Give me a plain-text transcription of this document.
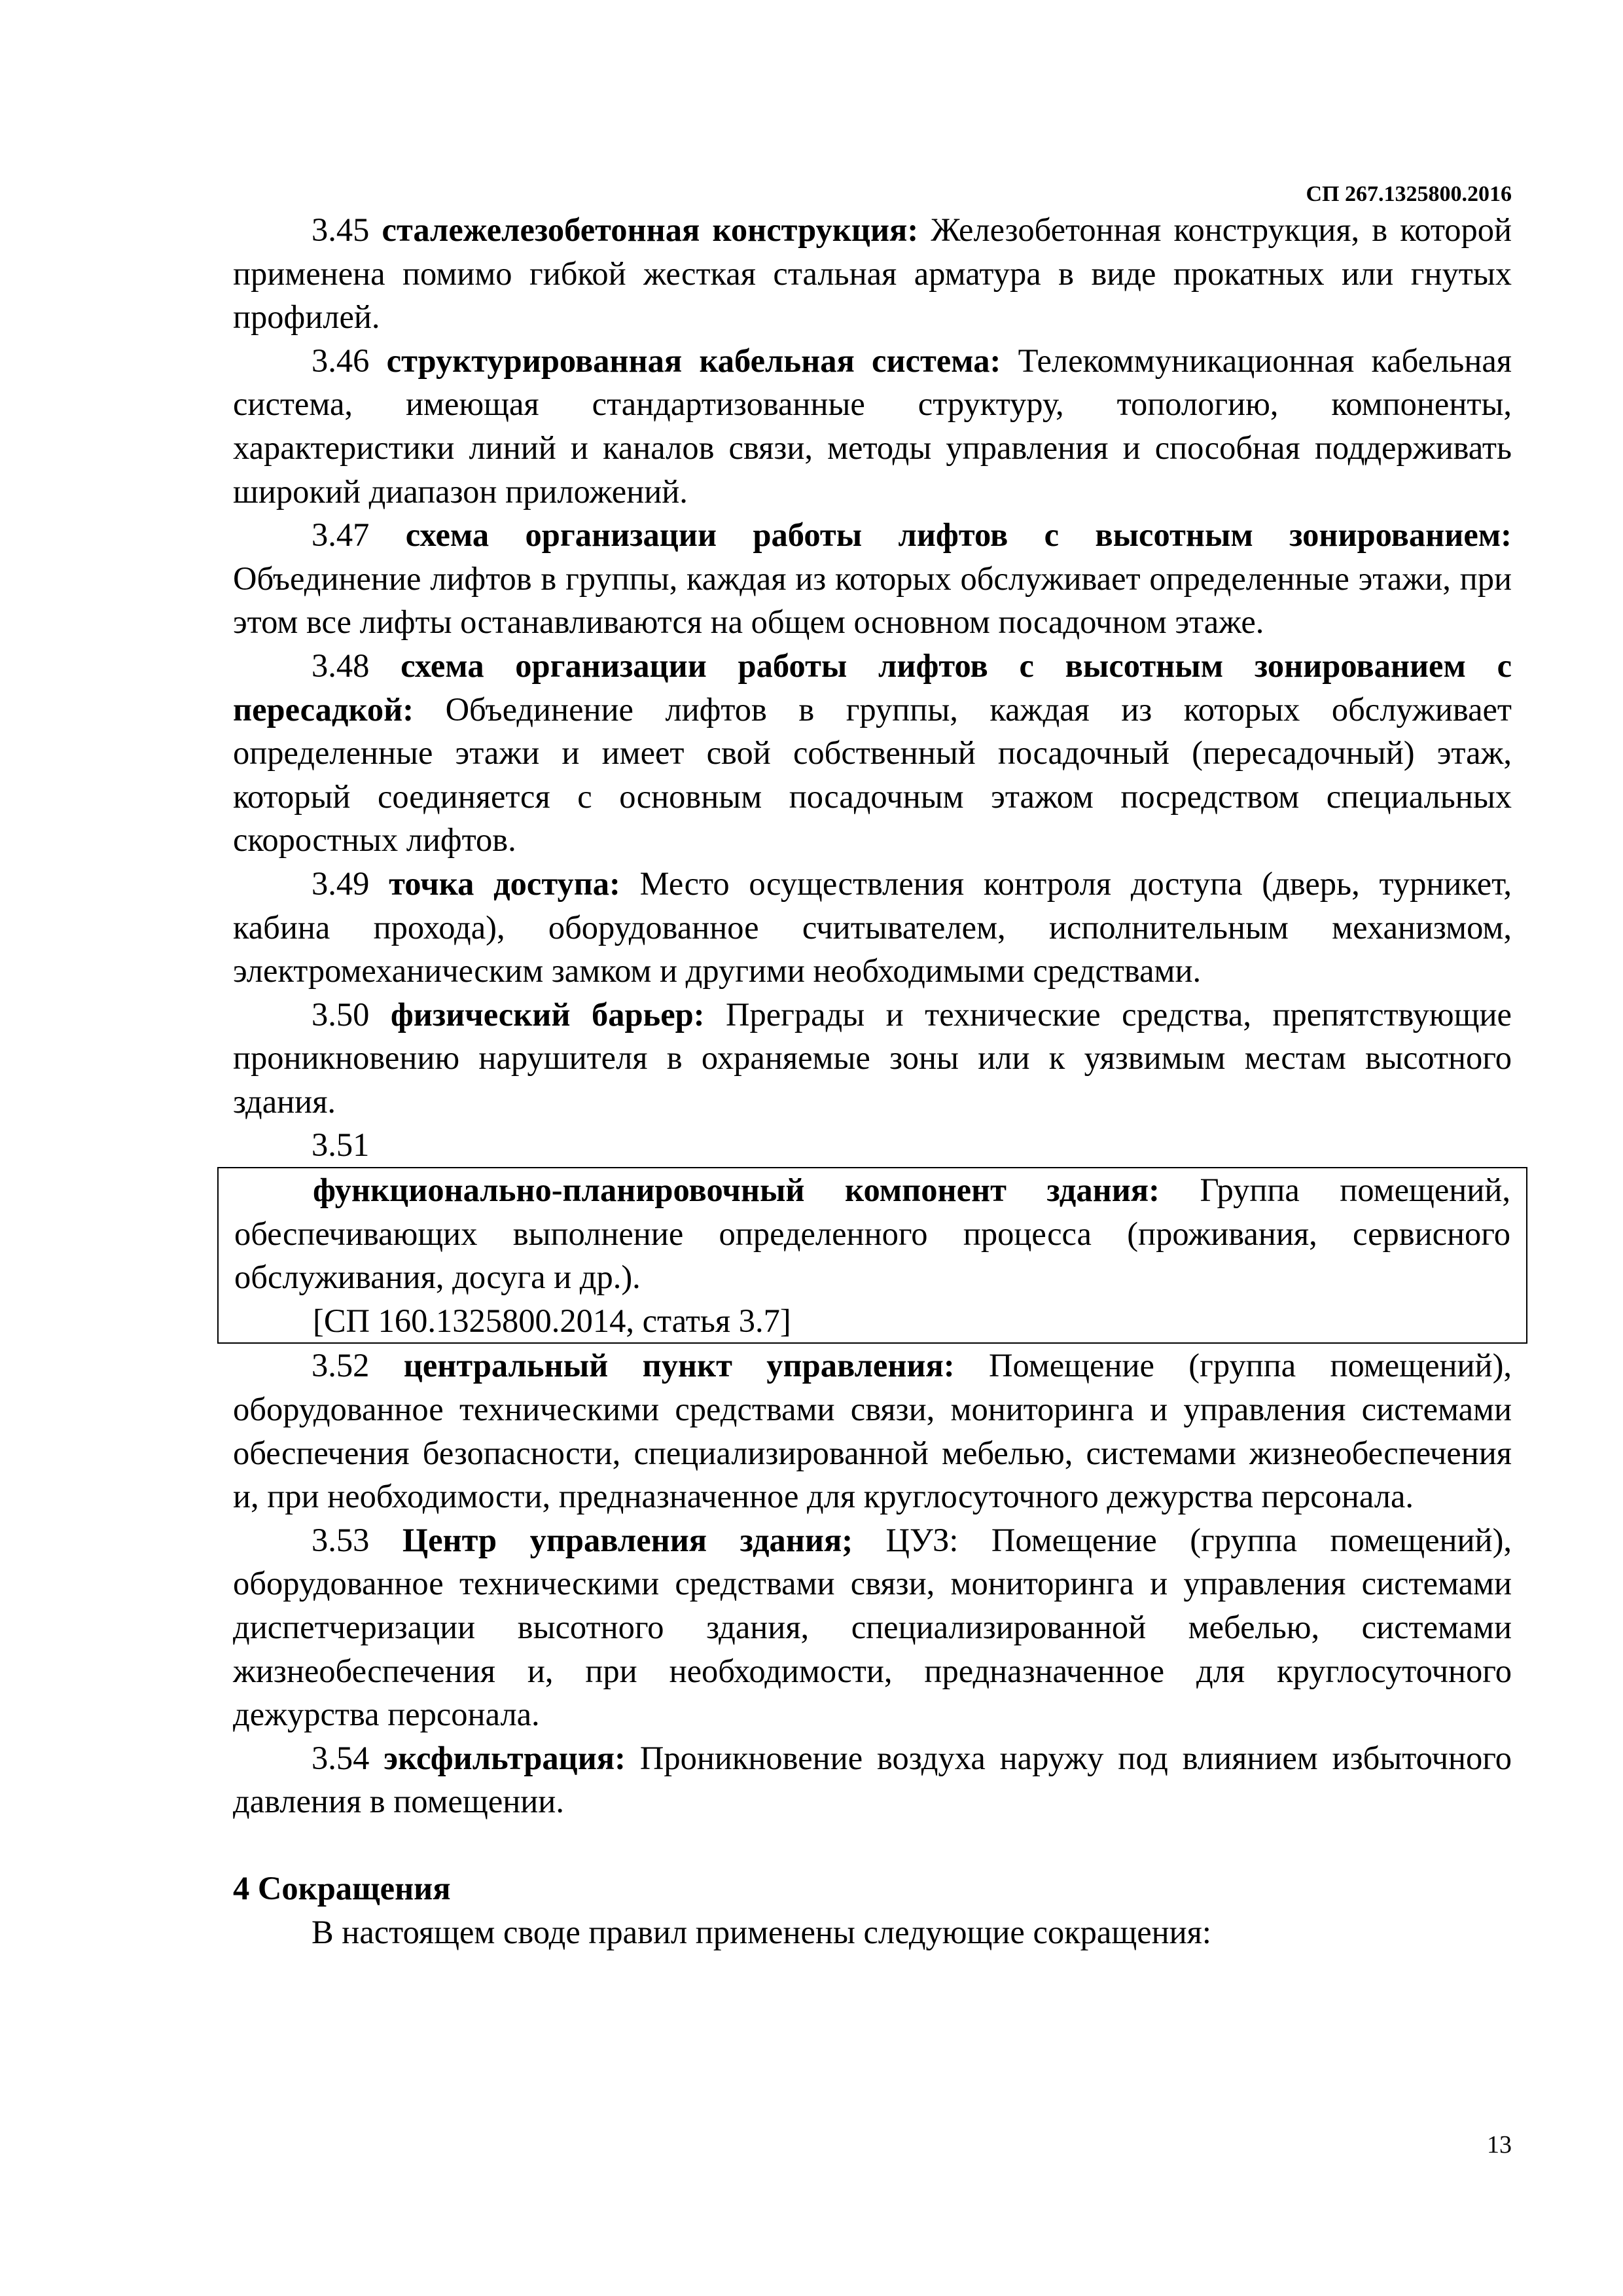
СП 267.1325800.2016

3.45 сталежелезобетонная конструкция: Железобетонная конструкция, в которой применена помимо гибкой жесткая стальная арматура в виде прокатных или гнутых профилей.

3.46 структурированная кабельная система: Телекоммуникационная кабельная система, имеющая стандартизованные структуру, топологию, компоненты, характеристики линий и каналов связи, методы управления и способная поддерживать широкий диапазон приложений.

3.47 схема организации работы лифтов с высотным зонированием: Объединение лифтов в группы, каждая из которых обслуживает определенные этажи, при этом все лифты останавливаются на общем основном посадочном этаже.

3.48 схема организации работы лифтов с высотным зонированием с пересадкой: Объединение лифтов в группы, каждая из которых обслуживает определенные этажи и имеет свой собственный посадочный (пересадочный) этаж, который соединяется с основным посадочным этажом посредством специальных скоростных лифтов.

3.49 точка доступа: Место осуществления контроля доступа (дверь, турникет, кабина прохода), оборудованное считывателем, исполнительным механизмом, электромеханическим замком и другими необходимыми средствами.

3.50 физический барьер: Преграды и технические средства, препятствующие проникновению нарушителя в охраняемые зоны или к уязвимым местам высотного здания.

3.51

функционально-планировочный компонент здания: Группа помещений, обеспечивающих выполнение определенного процесса (проживания, сервисного обслуживания, досуга и др.).

[СП 160.1325800.2014, статья 3.7]

3.52 центральный пункт управления: Помещение (группа помещений), оборудованное техническими средствами связи, мониторинга и управления системами обеспечения безопасности, специализированной мебелью, системами жизнеобеспечения и, при необходимости, предназначенное для круглосуточного дежурства персонала.

3.53 Центр управления здания; ЦУЗ: Помещение (группа помещений), оборудованное техническими средствами связи, мониторинга и управления системами диспетчеризации высотного здания, специализированной мебелью, системами жизнеобеспечения и, при необходимости, предназначенное для круглосуточного дежурства персонала.

3.54 эксфильтрация: Проникновение воздуха наружу под влиянием избыточного давления в помещении.

4 Сокращения

В настоящем своде правил применены следующие сокращения:

13
